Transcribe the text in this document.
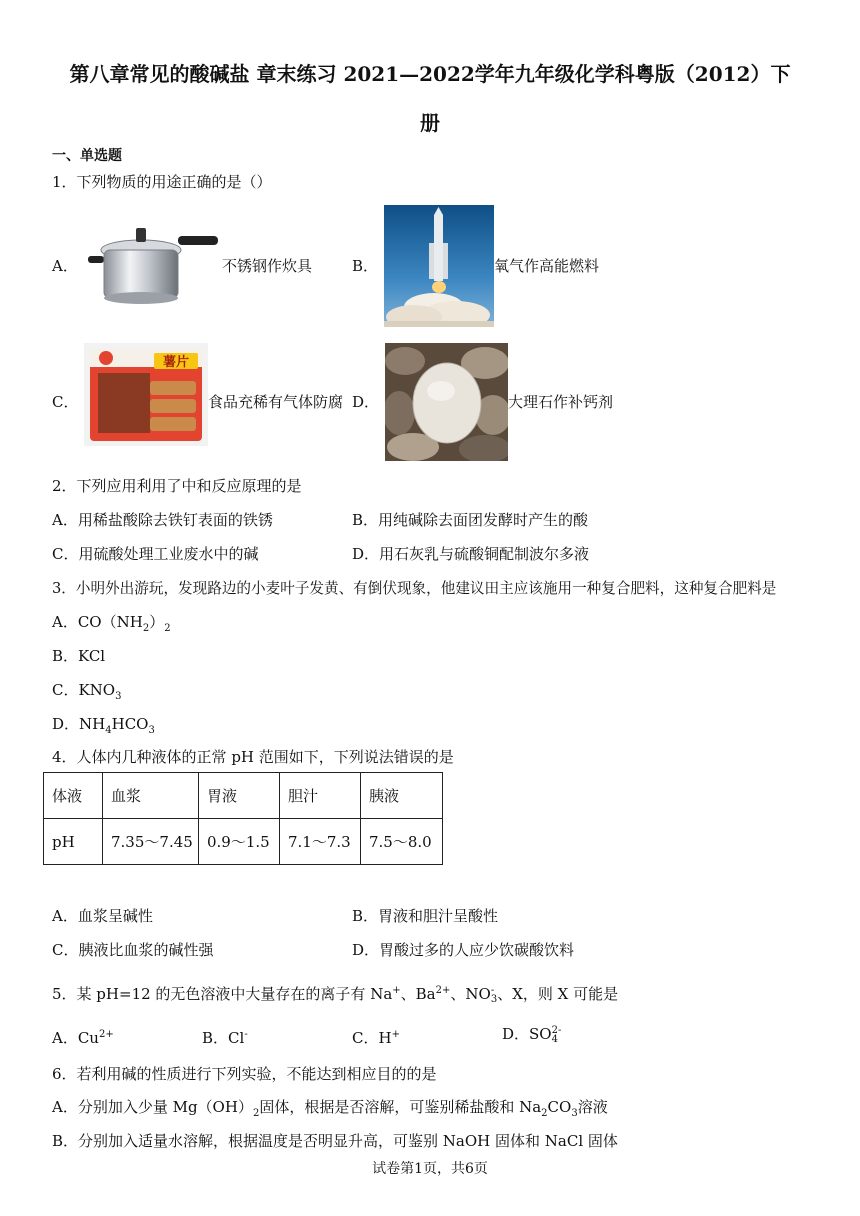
第八章常见的酸碱盐 章末练习 2021—2022学年九年级化学科粤版（2012）下
册
一、单选题
1．下列物质的用途正确的是（）
A．	不锈钢作炊具	B．	氧气作高能燃料
C．
薯片
食品充稀有气体防腐 D．	大理石作补钙剂
2．下列应用利用了中和反应原理的是
A．用稀盐酸除去铁钉表面的铁锈	B．用纯碱除去面团发酵时产生的酸
C．用硫酸处理工业废水中的碱	D．用石灰乳与硫酸铜配制波尔多液
3．小明外出游玩，发现路边的小麦叶子发黄、有倒伏现象，他建议田主应该施用一种复合肥料，这种复合肥料是
A．$CO(NH_2)_2$
B．KCl
C．$KNO_3$
D．$NH_4HCO_3$
4．人体内几种液体的正常 pH 范围如下，下列说法错误的是
体液	血浆	胃液	胆汁	胰液
pH	7.35～7.45	0.9～1.5	7.1～7.3	7.5～8.0
A．血浆呈碱性	B．胃液和胆汁呈酸性
C．胰液比血浆的碱性强	D．胃酸过多的人应少饮碳酸饮料
5．某 pH=12 的无色溶液中大量存在的离子有 Na+、$Ba^{2+}$、NO -
3 、X，则 X 可能是
A．$Cu^{2+}$	B．Cl-	C．H+	D．SO 2-
4
6．若利用碱的性质进行下列实验，不能达到相应目的的是
A．分别加入少量 $Mg(OH)_2$固体，根据是否溶解，可鉴别稀盐酸和 $Na_2CO_3$溶液
B．分别加入适量水溶解，根据温度是否明显升高，可鉴别 NaOH 固体和 NaCl 固体
试卷第1页，共6页
